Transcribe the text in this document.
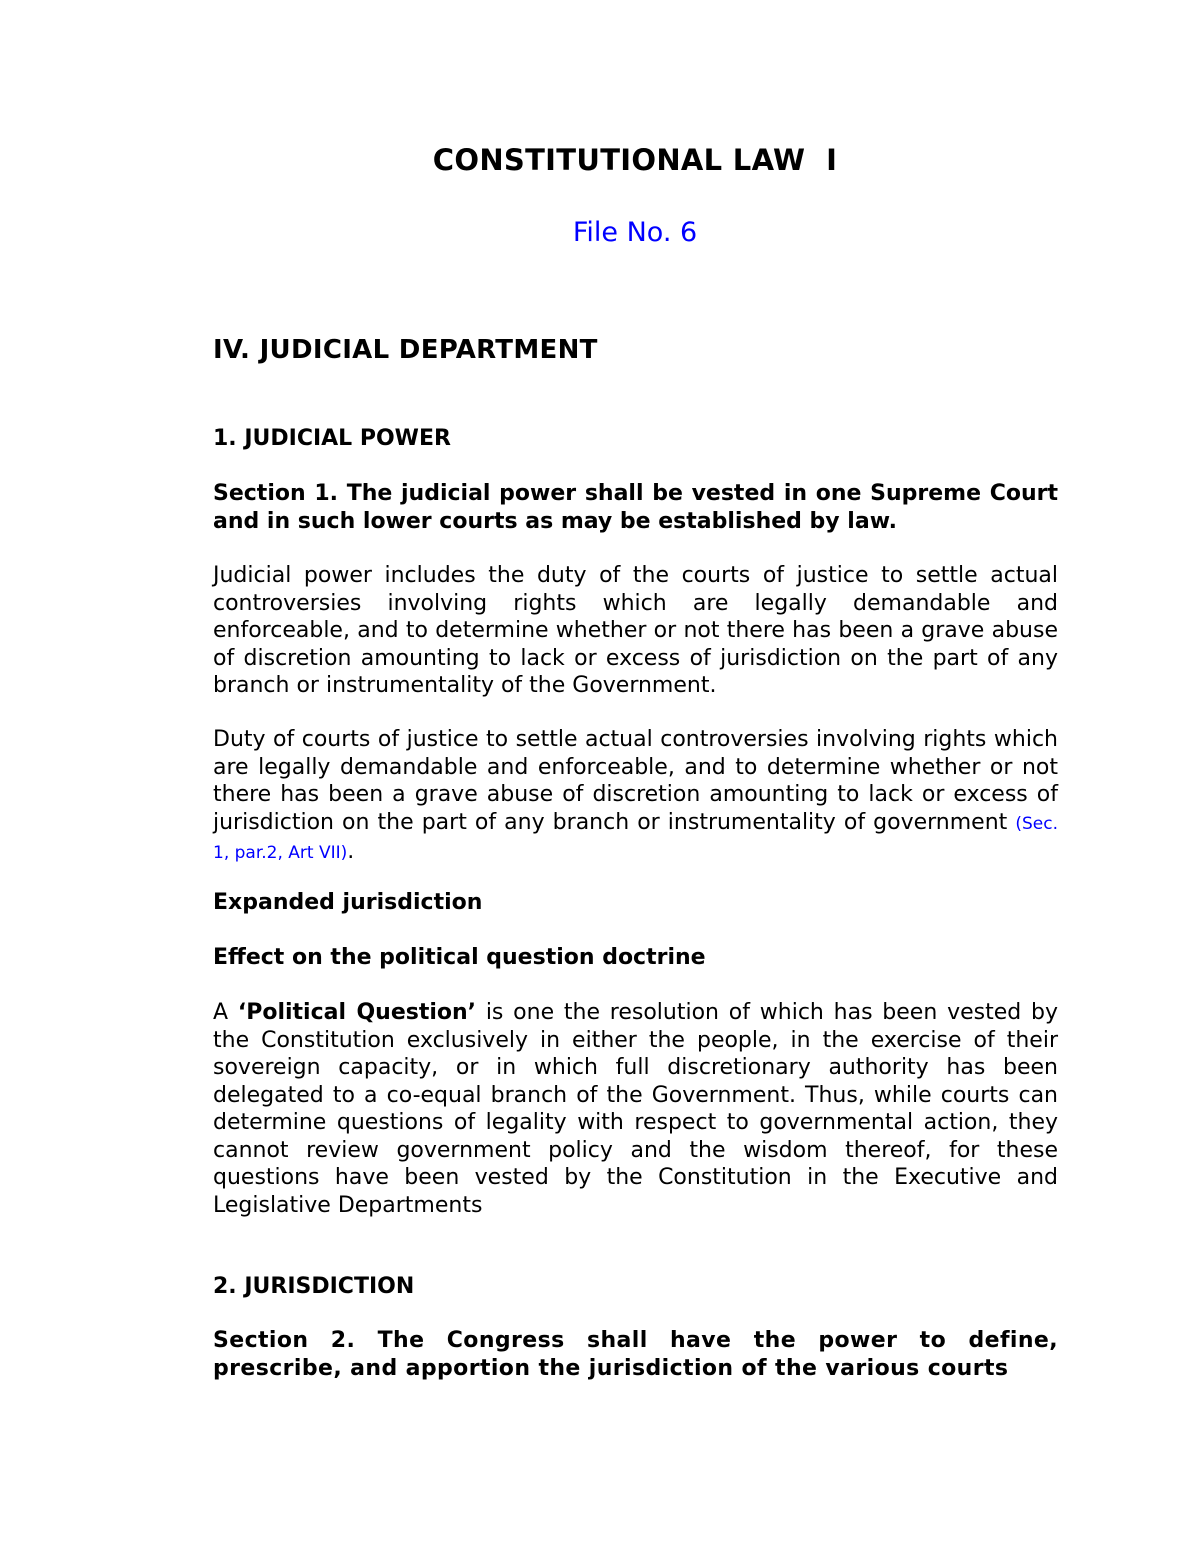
CONSTITUTIONAL LAW  I
File No. 6
IV. JUDICIAL DEPARTMENT
1. JUDICIAL POWER
Section 1. The judicial power shall be vested in one Supreme Court and in such lower courts as may be established by law.
Judicial power includes the duty of the courts of justice to settle actual controversies involving rights which are legally demandable and enforceable, and to determine whether or not there has been a grave abuse of discretion amounting to lack or excess of jurisdiction on the part of any branch or instrumentality of the Government.
Duty of courts of justice to settle actual controversies involving rights which are legally demandable and enforceable, and to determine whether or not there has been a grave abuse of discretion amounting to lack or excess of jurisdiction on the part of any branch or instrumentality of government (Sec. 1, par.2, Art VII).
Expanded jurisdiction
Effect on the political question doctrine
A ‘Political Question’ is one the resolution of which has been vested by the Constitution exclusively in either the people, in the exercise of their sovereign capacity, or in which full discretionary authority has been delegated to a co-equal branch of the Government. Thus, while courts can determine questions of legality with respect to governmental action, they cannot review government policy and the wisdom thereof, for these questions have been vested by the Constitution in the Executive and Legislative Departments
2. JURISDICTION
Section 2. The Congress shall have the power to define, prescribe, and apportion the jurisdiction of the various courts
